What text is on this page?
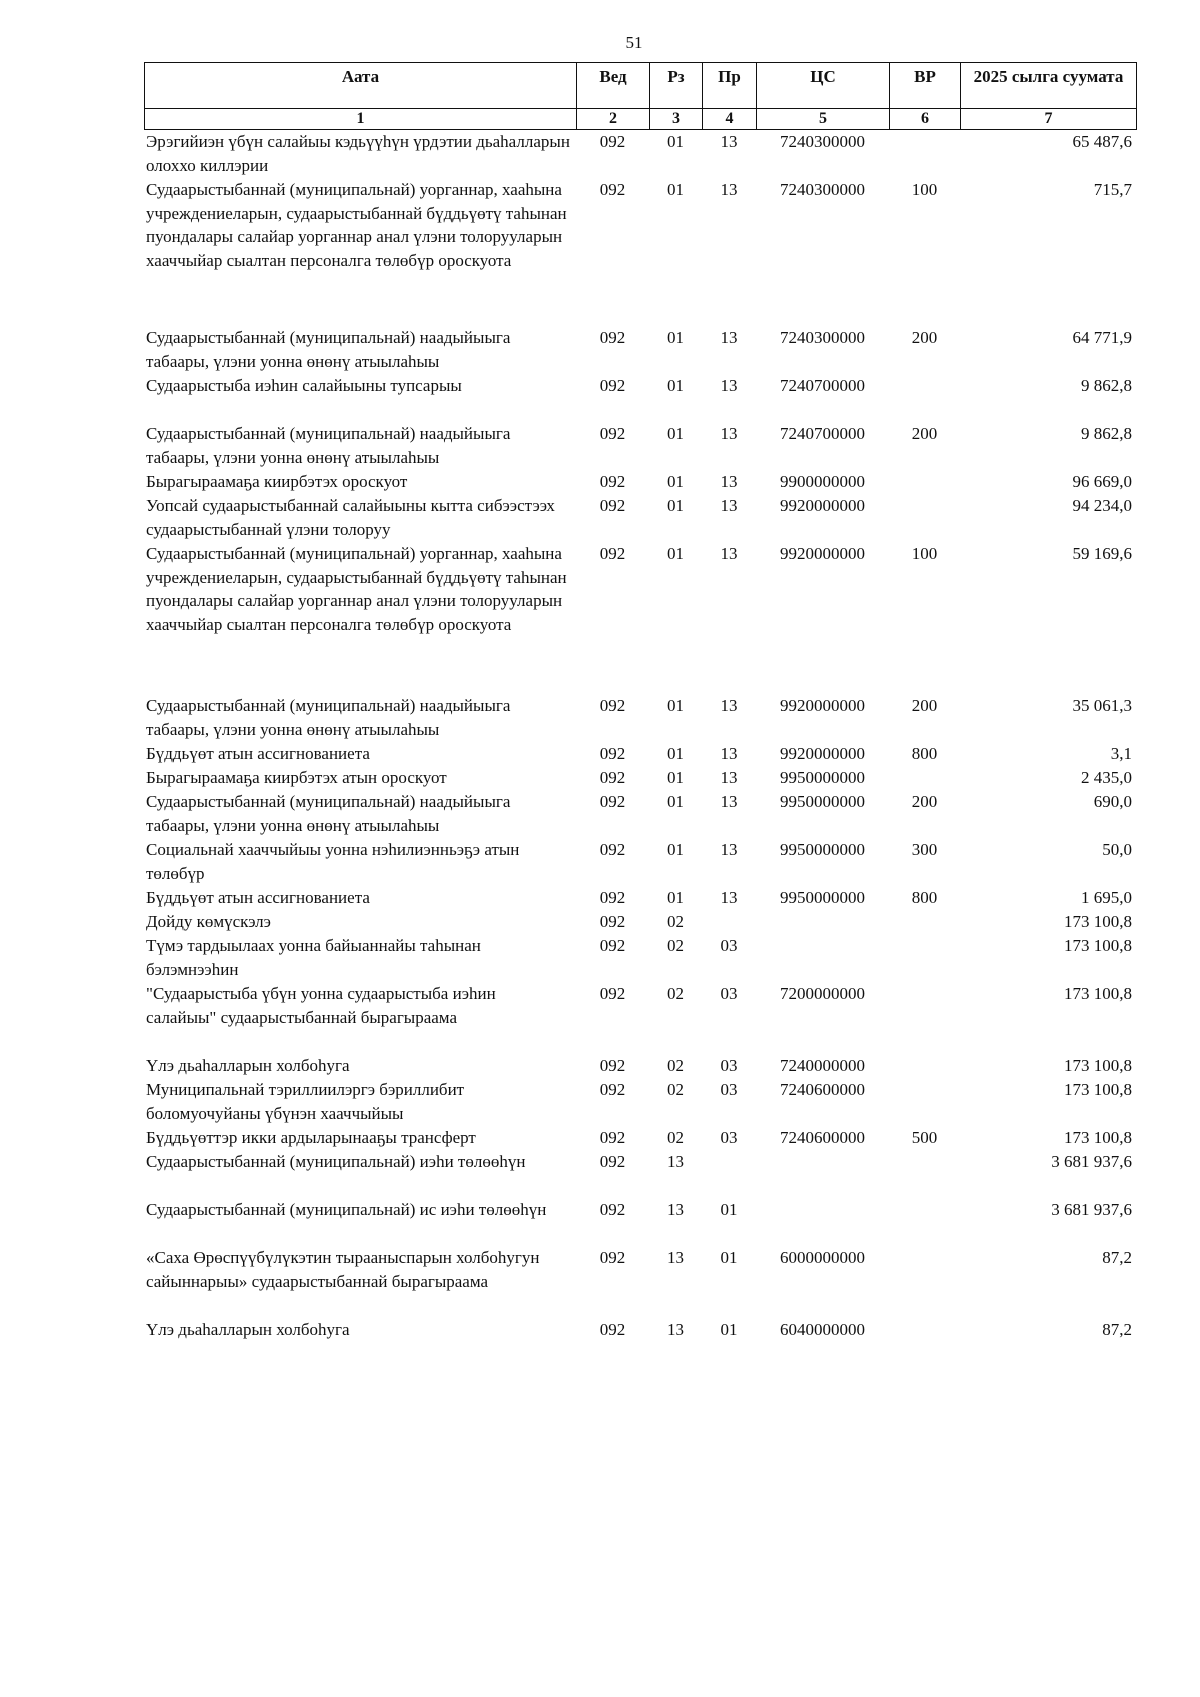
51
Аата	Вед	Рз	Пр	ЦС	ВР	2025 сылга суумата
1	2	3	4	5	6	7
Эрэгийиэн үбүн салайыы кэдьүүһүн үрдэтии дьаһалларын олоххо киллэрии	092	01	13	7240300000		65 487,6
Судаарыстыбаннай (муниципальнай) уорганнар, хааһына учреждениеларын, судаарыстыбаннай бүддьүөтү таһынан пуондалары салайар уорганнар анал үлэни толорууларын хааччыйар сыалтан персоналга төлөбүр ороскуота	092	01	13	7240300000	100	715,7
Судаарыстыбаннай (муниципальнай) наадыйыыга табаары, үлэни уонна өнөнү атыылаһыы	092	01	13	7240300000	200	64 771,9
Судаарыстыба иэһин салайыыны тупсарыы	092	01	13	7240700000		9 862,8
Судаарыстыбаннай (муниципальнай) наадыйыыга табаары, үлэни уонна өнөнү атыылаһыы	092	01	13	7240700000	200	9 862,8
Бырагыраамаҕа киирбэтэх ороскуот	092	01	13	9900000000		96 669,0
Уопсай судаарыстыбаннай салайыыны кытта сибээстээх судаарыстыбаннай үлэни толоруу	092	01	13	9920000000		94 234,0
Судаарыстыбаннай (муниципальнай) уорганнар, хааһына учреждениеларын, судаарыстыбаннай бүддьүөтү таһынан пуондалары салайар уорганнар анал үлэни толорууларын хааччыйар сыалтан персоналга төлөбүр ороскуота	092	01	13	9920000000	100	59 169,6
Судаарыстыбаннай (муниципальнай) наадыйыыга табаары, үлэни уонна өнөнү атыылаһыы	092	01	13	9920000000	200	35 061,3
Бүддьүөт атын ассигнованиета	092	01	13	9920000000	800	3,1
Бырагыраамаҕа киирбэтэх атын ороскуот	092	01	13	9950000000		2 435,0
Судаарыстыбаннай (муниципальнай) наадыйыыга табаары, үлэни уонна өнөнү атыылаһыы	092	01	13	9950000000	200	690,0
Социальнай хааччыйыы уонна нэһилиэнньэҕэ атын төлөбүр	092	01	13	9950000000	300	50,0
Бүддьүөт атын ассигнованиета	092	01	13	9950000000	800	1 695,0
Дойду көмүскэлэ	092	02				173 100,8
Түмэ тардыылаах уонна байыаннайы таһынан бэлэмнээһин	092	02	03			173 100,8
"Судаарыстыба үбүн уонна судаарыстыба иэһин салайыы" судаарыстыбаннай бырагыраама	092	02	03	7200000000		173 100,8
Үлэ дьаһалларын холбоһуга	092	02	03	7240000000		173 100,8
Муниципальнай тэриллиилэргэ бэриллибит боломуочуйаны үбүнэн хааччыйыы	092	02	03	7240600000		173 100,8
Бүддьүөттэр икки ардыларынааҕы трансферт	092	02	03	7240600000	500	173 100,8
Судаарыстыбаннай (муниципальнай) иэһи төлөөһүн	092	13				3 681 937,6
Судаарыстыбаннай (муниципальнай) ис иэһи төлөөһүн	092	13	01			3 681 937,6
«Саха Өрөспүүбүлүкэтин тырааныспарын холбоһугун сайыннарыы» судаарыстыбаннай бырагыраама	092	13	01	6000000000		87,2
Үлэ дьаһалларын холбоһуга	092	13	01	6040000000		87,2
